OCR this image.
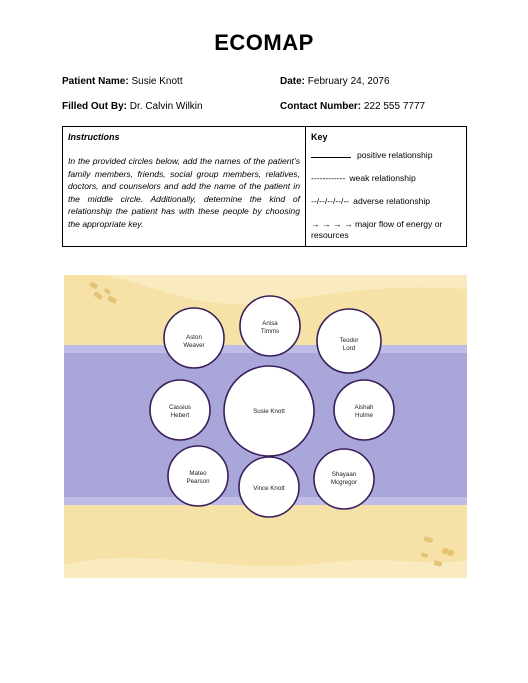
ECOMAP
Patient Name: Susie Knott	Date: February 24, 2076
Filled Out By: Dr. Calvin Wilkin	Contact Number: 222 555 7777
Instructions
In the provided circles below, add the names of the patient’s family members, friends, social group members, relatives, doctors, and counselors and add the name of the patient in the middle circle. Additionally, determine the kind of relationship the patient has with these people by choosing the appropriate key.
Key
positive relationship
------------ weak relationship
--/--/--/--/-- adverse relationship
→ → → → major flow of energy or resources
Anisa
Timms
Aston
Weaver
Teodor
Lord
Cassius
Hebert
Susie Knott
Aishah
Hulme
Mateo
Pearson
Vince Knott
Shayaan
Mcgregor
